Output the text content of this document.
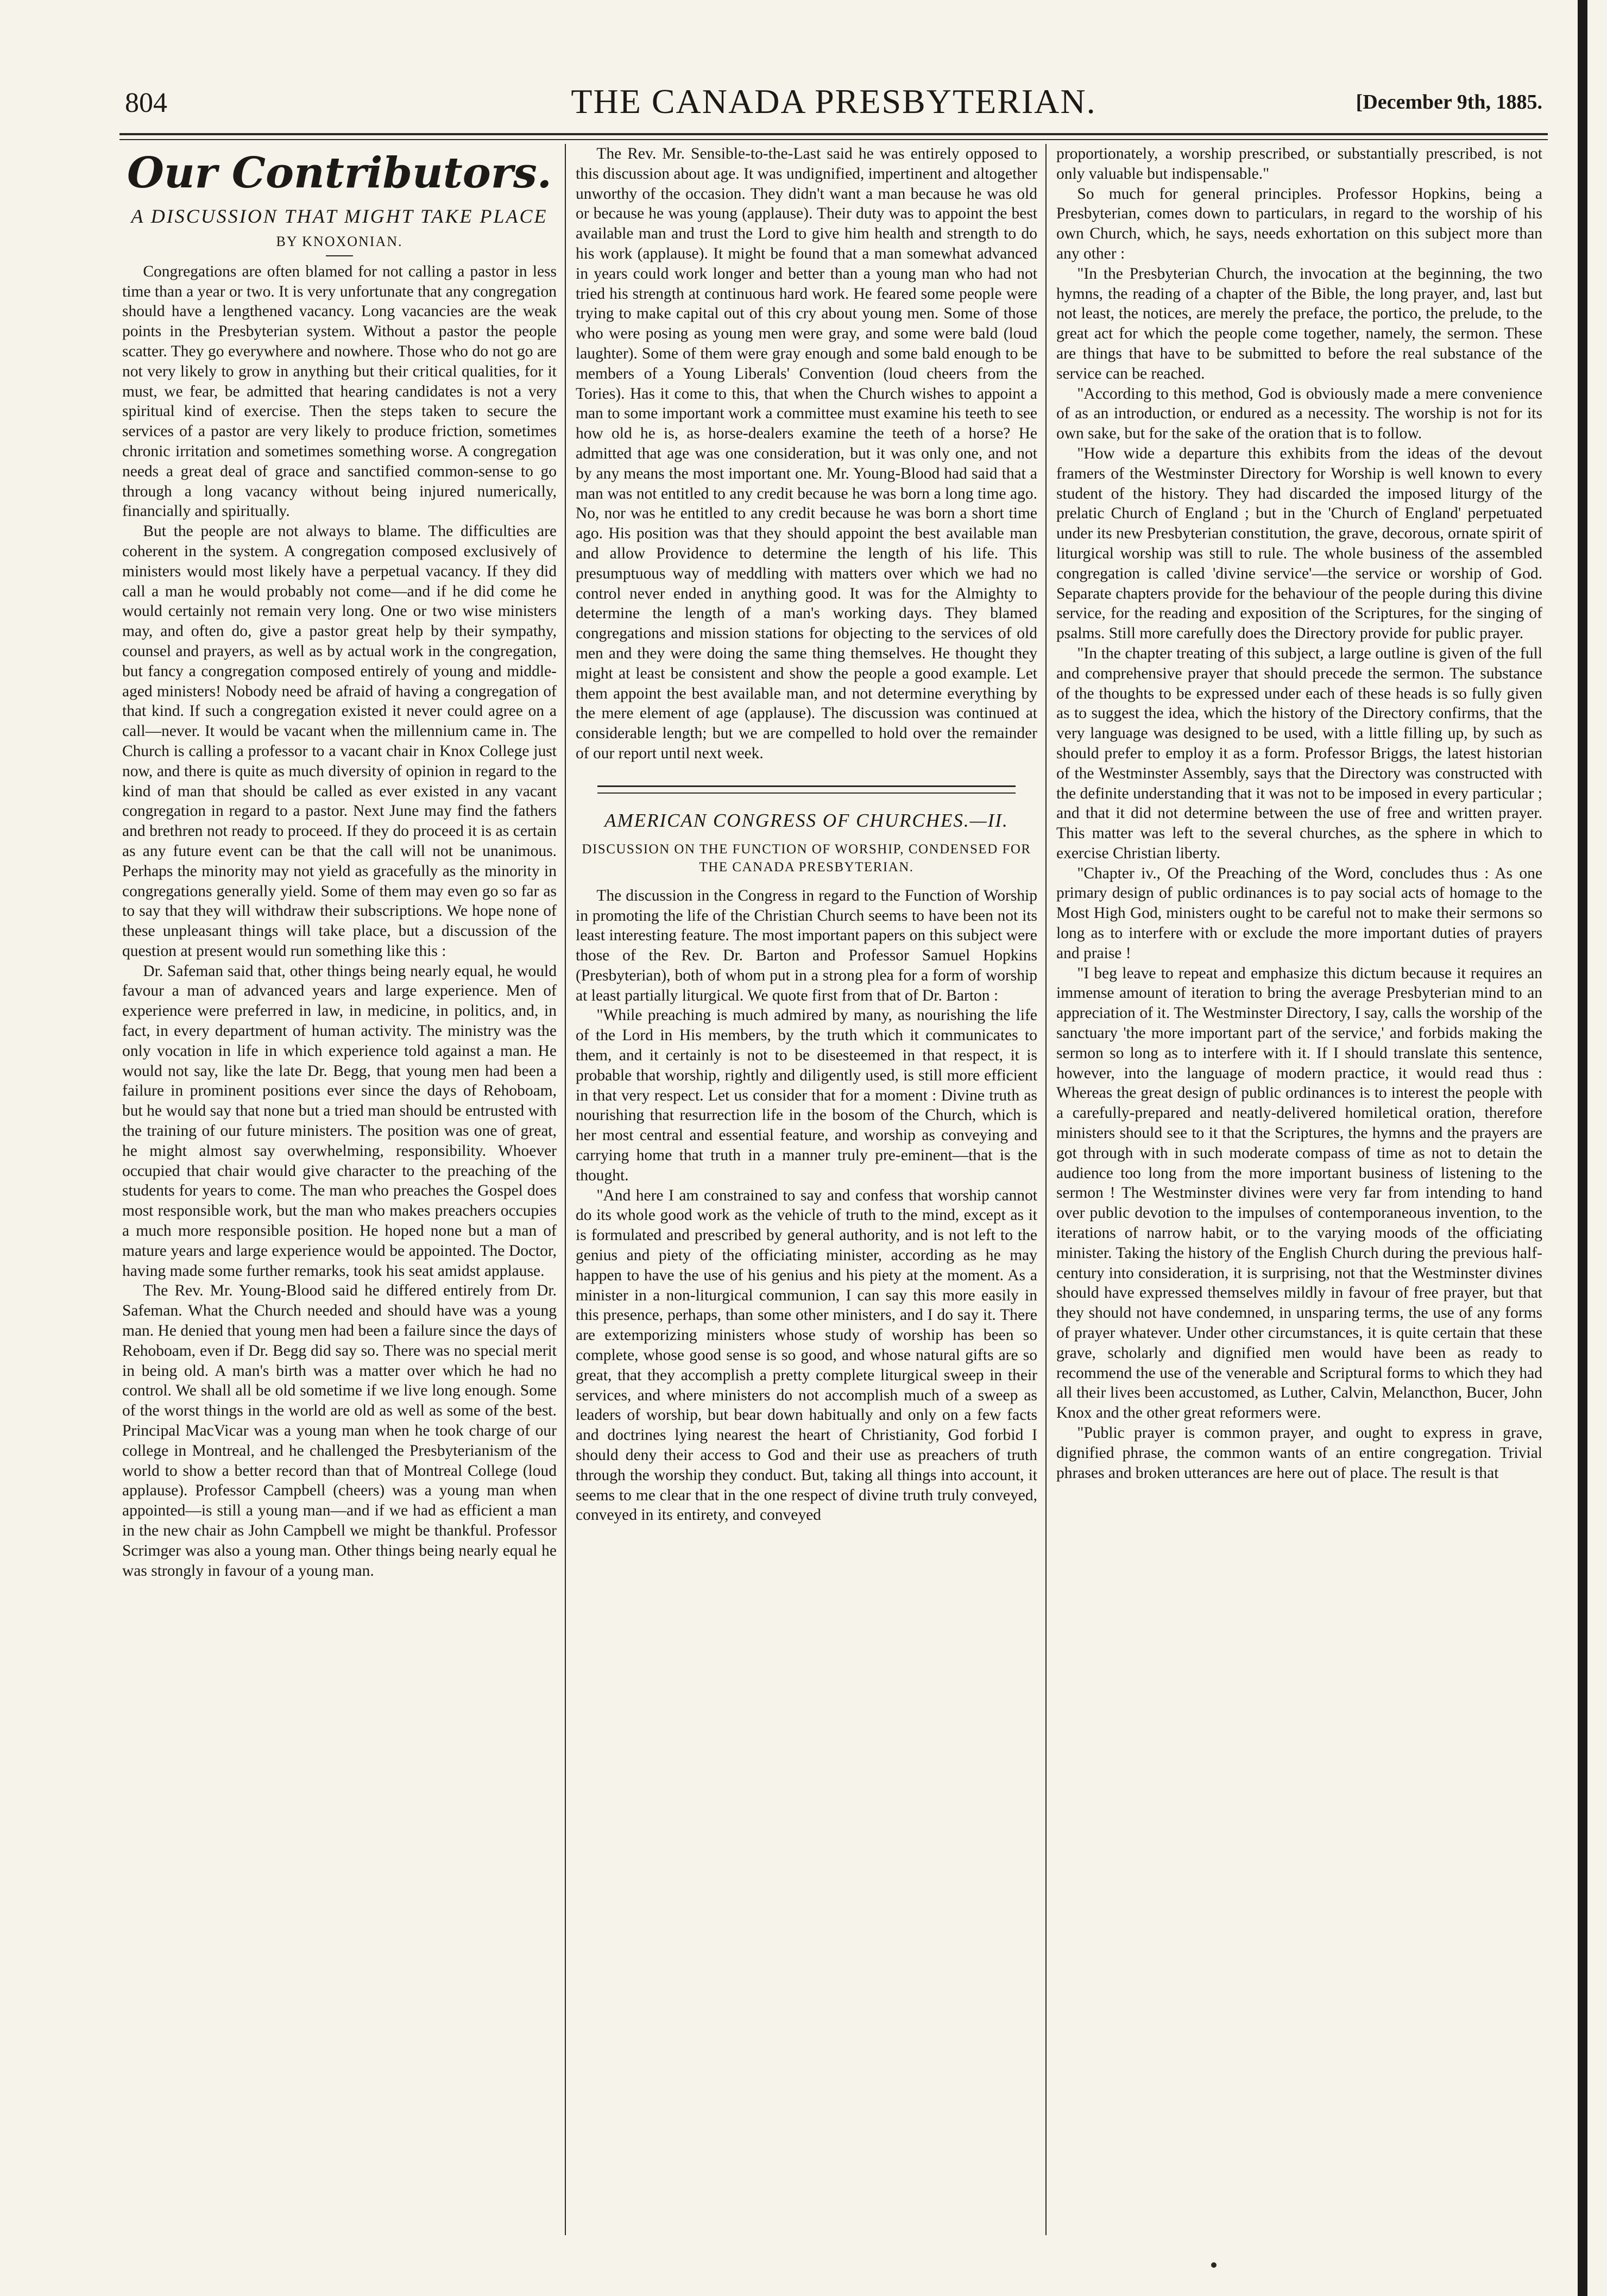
804	THE CANADA PRESBYTERIAN.	[December 9th, 1885.
Our Contributors.
A DISCUSSION THAT MIGHT TAKE PLACE
BY KNOXONIAN.

Congregations are often blamed for not calling a pastor in less time than a year or two. It is very unfortunate that any congregation should have a lengthened vacancy. Long vacancies are the weak points in the Presbyterian system. Without a pastor the people scatter. They go everywhere and nowhere. Those who do not go are not very likely to grow in anything but their critical qualities, for it must, we fear, be admitted that hearing candidates is not a very spiritual kind of exercise. Then the steps taken to secure the services of a pastor are very likely to produce friction, sometimes chronic irritation and sometimes something worse. A congregation needs a great deal of grace and sanctified common-sense to go through a long vacancy without being injured numerically, financially and spiritually.

But the people are not always to blame. The difficulties are coherent in the system. A congregation composed exclusively of ministers would most likely have a perpetual vacancy. If they did call a man he would probably not come—and if he did come he would certainly not remain very long. One or two wise ministers may, and often do, give a pastor great help by their sympathy, counsel and prayers, as well as by actual work in the congregation, but fancy a congregation composed entirely of young and middle-aged ministers! Nobody need be afraid of having a congregation of that kind. If such a congregation existed it never could agree on a call—never. It would be vacant when the millennium came in. The Church is calling a professor to a vacant chair in Knox College just now, and there is quite as much diversity of opinion in regard to the kind of man that should be called as ever existed in any vacant congregation in regard to a pastor. Next June may find the fathers and brethren not ready to proceed. If they do proceed it is as certain as any future event can be that the call will not be unanimous. Perhaps the minority may not yield as gracefully as the minority in congregations generally yield. Some of them may even go so far as to say that they will withdraw their subscriptions. We hope none of these unpleasant things will take place, but a discussion of the question at present would run something like this :

Dr. Safeman said that, other things being nearly equal, he would favour a man of advanced years and large experience. Men of experience were preferred in law, in medicine, in politics, and, in fact, in every department of human activity. The ministry was the only vocation in life in which experience told against a man. He would not say, like the late Dr. Begg, that young men had been a failure in prominent positions ever since the days of Rehoboam, but he would say that none but a tried man should be entrusted with the training of our future ministers. The position was one of great, he might almost say overwhelming, responsibility. Whoever occupied that chair would give character to the preaching of the students for years to come. The man who preaches the Gospel does most responsible work, but the man who makes preachers occupies a much more responsible position. He hoped none but a man of mature years and large experience would be appointed. The Doctor, having made some further remarks, took his seat amidst applause.

The Rev. Mr. Young-Blood said he differed entirely from Dr. Safeman. What the Church needed and should have was a young man. He denied that young men had been a failure since the days of Rehoboam, even if Dr. Begg did say so. There was no special merit in being old. A man's birth was a matter over which he had no control. We shall all be old sometime if we live long enough. Some of the worst things in the world are old as well as some of the best. Principal MacVicar was a young man when he took charge of our college in Montreal, and he challenged the Presbyterianism of the world to show a better record than that of Montreal College (loud applause). Professor Campbell (cheers) was a young man when appointed—is still a young man—and if we had as efficient a man in the new chair as John Campbell we might be thankful. Professor Scrimger was also a young man. Other things being nearly equal he was strongly in favour of a young man.

The Rev. Mr. Sensible-to-the-Last said he was entirely opposed to this discussion about age. It was undignified, impertinent and altogether unworthy of the occasion. They didn't want a man because he was old or because he was young (applause). Their duty was to appoint the best available man and trust the Lord to give him health and strength to do his work (applause). It might be found that a man somewhat advanced in years could work longer and better than a young man who had not tried his strength at continuous hard work. He feared some people were trying to make capital out of this cry about young men. Some of those who were posing as young men were gray, and some were bald (loud laughter). Some of them were gray enough and some bald enough to be members of a Young Liberals' Convention (loud cheers from the Tories). Has it come to this, that when the Church wishes to appoint a man to some important work a committee must examine his teeth to see how old he is, as horse-dealers examine the teeth of a horse? He admitted that age was one consideration, but it was only one, and not by any means the most important one. Mr. Young-Blood had said that a man was not entitled to any credit because he was born a long time ago. No, nor was he entitled to any credit because he was born a short time ago. His position was that they should appoint the best available man and allow Providence to determine the length of his life. This presumptuous way of meddling with matters over which we had no control never ended in anything good. It was for the Almighty to determine the length of a man's working days. They blamed congregations and mission stations for objecting to the services of old men and they were doing the same thing themselves. He thought they might at least be consistent and show the people a good example. Let them appoint the best available man, and not determine everything by the mere element of age (applause). The discussion was continued at considerable length; but we are compelled to hold over the remainder of our report until next week.

AMERICAN CONGRESS OF CHURCHES.—II.
DISCUSSION ON THE FUNCTION OF WORSHIP, CONDENSED FOR THE CANADA PRESBYTERIAN.

The discussion in the Congress in regard to the Function of Worship in promoting the life of the Christian Church seems to have been not its least interesting feature. The most important papers on this subject were those of the Rev. Dr. Barton and Professor Samuel Hopkins (Presbyterian), both of whom put in a strong plea for a form of worship at least partially liturgical. We quote first from that of Dr. Barton :

"While preaching is much admired by many, as nourishing the life of the Lord in His members, by the truth which it communicates to them, and it certainly is not to be disesteemed in that respect, it is probable that worship, rightly and diligently used, is still more efficient in that very respect. Let us consider that for a moment : Divine truth as nourishing that resurrection life in the bosom of the Church, which is her most central and essential feature, and worship as conveying and carrying home that truth in a manner truly pre-eminent—that is the thought.

"And here I am constrained to say and confess that worship cannot do its whole good work as the vehicle of truth to the mind, except as it is formulated and prescribed by general authority, and is not left to the genius and piety of the officiating minister, according as he may happen to have the use of his genius and his piety at the moment. As a minister in a non-liturgical communion, I can say this more easily in this presence, perhaps, than some other ministers, and I do say it. There are extemporizing ministers whose study of worship has been so complete, whose good sense is so good, and whose natural gifts are so great, that they accomplish a pretty complete liturgical sweep in their services, and where ministers do not accomplish much of a sweep as leaders of worship, but bear down habitually and only on a few facts and doctrines lying nearest the heart of Christianity, God forbid I should deny their access to God and their use as preachers of truth through the worship they conduct. But, taking all things into account, it seems to me clear that in the one respect of divine truth truly conveyed, conveyed in its entirety, and conveyed

proportionately, a worship prescribed, or substantially prescribed, is not only valuable but indispensable."

So much for general principles. Professor Hopkins, being a Presbyterian, comes down to particulars, in regard to the worship of his own Church, which, he says, needs exhortation on this subject more than any other :

"In the Presbyterian Church, the invocation at the beginning, the two hymns, the reading of a chapter of the Bible, the long prayer, and, last but not least, the notices, are merely the preface, the portico, the prelude, to the great act for which the people come together, namely, the sermon. These are things that have to be submitted to before the real substance of the service can be reached.

"According to this method, God is obviously made a mere convenience of as an introduction, or endured as a necessity. The worship is not for its own sake, but for the sake of the oration that is to follow.

"How wide a departure this exhibits from the ideas of the devout framers of the Westminster Directory for Worship is well known to every student of the history. They had discarded the imposed liturgy of the prelatic Church of England ; but in the 'Church of England' perpetuated under its new Presbyterian constitution, the grave, decorous, ornate spirit of liturgical worship was still to rule. The whole business of the assembled congregation is called 'divine service'—the service or worship of God. Separate chapters provide for the behaviour of the people during this divine service, for the reading and exposition of the Scriptures, for the singing of psalms. Still more carefully does the Directory provide for public prayer.

"In the chapter treating of this subject, a large outline is given of the full and comprehensive prayer that should precede the sermon. The substance of the thoughts to be expressed under each of these heads is so fully given as to suggest the idea, which the history of the Directory confirms, that the very language was designed to be used, with a little filling up, by such as should prefer to employ it as a form. Professor Briggs, the latest historian of the Westminster Assembly, says that the Directory was constructed with the definite understanding that it was not to be imposed in every particular ; and that it did not determine between the use of free and written prayer. This matter was left to the several churches, as the sphere in which to exercise Christian liberty.

"Chapter iv., Of the Preaching of the Word, concludes thus : As one primary design of public ordinances is to pay social acts of homage to the Most High God, ministers ought to be careful not to make their sermons so long as to interfere with or exclude the more important duties of prayers and praise !

"I beg leave to repeat and emphasize this dictum because it requires an immense amount of iteration to bring the average Presbyterian mind to an appreciation of it. The Westminster Directory, I say, calls the worship of the sanctuary 'the more important part of the service,' and forbids making the sermon so long as to interfere with it. If I should translate this sentence, however, into the language of modern practice, it would read thus : Whereas the great design of public ordinances is to interest the people with a carefully-prepared and neatly-delivered homiletical oration, therefore ministers should see to it that the Scriptures, the hymns and the prayers are got through with in such moderate compass of time as not to detain the audience too long from the more important business of listening to the sermon ! The Westminster divines were very far from intending to hand over public devotion to the impulses of contemporaneous invention, to the iterations of narrow habit, or to the varying moods of the officiating minister. Taking the history of the English Church during the previous half-century into consideration, it is surprising, not that the Westminster divines should have expressed themselves mildly in favour of free prayer, but that they should not have condemned, in unsparing terms, the use of any forms of prayer whatever. Under other circumstances, it is quite certain that these grave, scholarly and dignified men would have been as ready to recommend the use of the venerable and Scriptural forms to which they had all their lives been accustomed, as Luther, Calvin, Melancthon, Bucer, John Knox and the other great reformers were.

"Public prayer is common prayer, and ought to express in grave, dignified phrase, the common wants of an entire congregation. Trivial phrases and broken utterances are here out of place. The result is that
